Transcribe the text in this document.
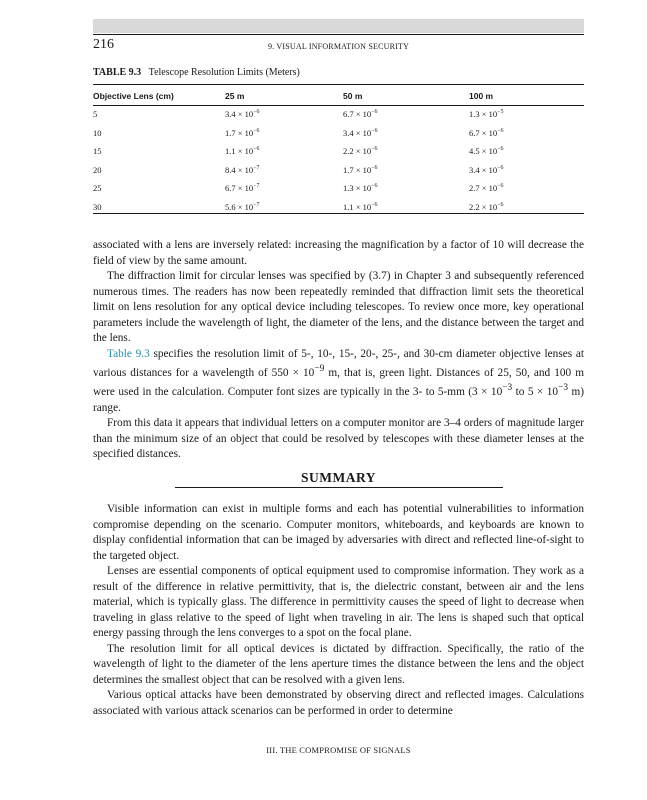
216	9. VISUAL INFORMATION SECURITY
TABLE 9.3 Telescope Resolution Limits (Meters)
Objective Lens (cm)	25 m	50 m	100 m
5	$3.4 \times 10^{-6}$	$6.7 \times 10^{-6}$	$1.3 \times 10^{-5}$
10	$1.7 \times 10^{-6}$	$3.4 \times 10^{-6}$	$6.7 \times 10^{-6}$
15	$1.1 \times 10^{-6}$	$2.2 \times 10^{-6}$	$4.5 \times 10^{-6}$
20	$8.4 \times 10^{-7}$	$1.7 \times 10^{-6}$	$3.4 \times 10^{-6}$
25	$6.7 \times 10^{-7}$	$1.3 \times 10^{-6}$	$2.7 \times 10^{-6}$
30	$5.6 \times 10^{-7}$	$1.1 \times 10^{-6}$	$2.2 \times 10^{-6}$

associated with a lens are inversely related: increasing the magnification by a factor of 10 will decrease the field of view by the same amount.

The diffraction limit for circular lenses was specified by (3.7) in Chapter 3 and subsequently referenced numerous times. The readers has now been repeatedly reminded that diffraction limit sets the theoretical limit on lens resolution for any optical device including telescopes. To review once more, key operational parameters include the wavelength of light, the diameter of the lens, and the distance between the target and the lens.

Table 9.3 specifies the resolution limit of 5-, 10-, 15-, 20-, 25-, and 30-cm diameter objective lenses at various distances for a wavelength of $550 \times 10^{-9}$ m, that is, green light. Distances of 25, 50, and 100 m were used in the calculation. Computer font sizes are typically in the 3- to 5-mm ($3 \times 10^{-3}$ to $5 \times 10^{-3}$ m) range.

From this data it appears that individual letters on a computer monitor are 3–4 orders of magnitude larger than the minimum size of an object that could be resolved by telescopes with these diameter lenses at the specified distances.

SUMMARY

Visible information can exist in multiple forms and each has potential vulnerabilities to information compromise depending on the scenario. Computer monitors, whiteboards, and keyboards are known to display confidential information that can be imaged by adversaries with direct and reflected line-of-sight to the targeted object.

Lenses are essential components of optical equipment used to compromise information. They work as a result of the difference in relative permittivity, that is, the dielectric constant, between air and the lens material, which is typically glass. The difference in permittivity causes the speed of light to decrease when traveling in glass relative to the speed of light when traveling in air. The lens is shaped such that optical energy passing through the lens converges to a spot on the focal plane.

The resolution limit for all optical devices is dictated by diffraction. Specifically, the ratio of the wavelength of light to the diameter of the lens aperture times the distance between the lens and the object determines the smallest object that can be resolved with a given lens.

Various optical attacks have been demonstrated by observing direct and reflected images. Calculations associated with various attack scenarios can be performed in order to determine

III. THE COMPROMISE OF SIGNALS
